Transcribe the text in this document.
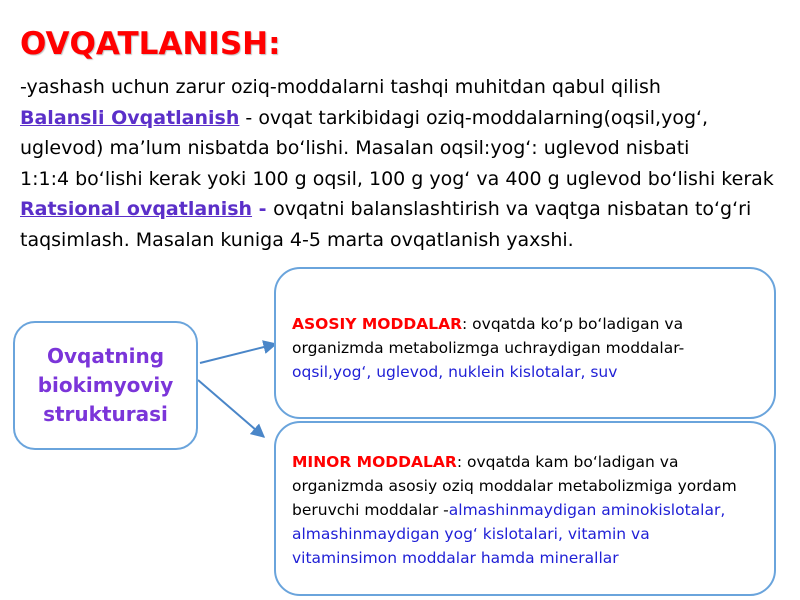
OVQATLANISH:

-yashash uchun zarur oziq-moddalarni tashqi muhitdan qabul qilish

Balansli Ovqatlanish - ovqat tarkibidagi oziq-moddalarning(oqsil,yog‘,
uglevod) ma’lum nisbatda bo‘lishi. Masalan oqsil:yog‘: uglevod nisbati
1:1:4 bo‘lishi kerak yoki 100 g oqsil, 100 g yog‘ va 400 g uglevod bo‘lishi kerak

Ratsional ovqatlanish - ovqatni balanslashtirish va vaqtga nisbatan to‘g‘ri
taqsimlash. Masalan kuniga 4-5 marta ovqatlanish yaxshi.

Ovqatning
biokimyoviy
strukturasi
ASOSIY MODDALAR: ovqatda ko‘p bo‘ladigan va
organizmda metabolizmga uchraydigan moddalar-
oqsil,yog‘, uglevod, nuklein kislotalar, suv
MINOR MODDALAR: ovqatda kam bo‘ladigan va
organizmda asosiy oziq moddalar metabolizmiga yordam
beruvchi moddalar -almashinmaydigan aminokislotalar,
almashinmaydigan yog‘ kislotalari, vitamin va
vitaminsimon moddalar hamda minerallar
